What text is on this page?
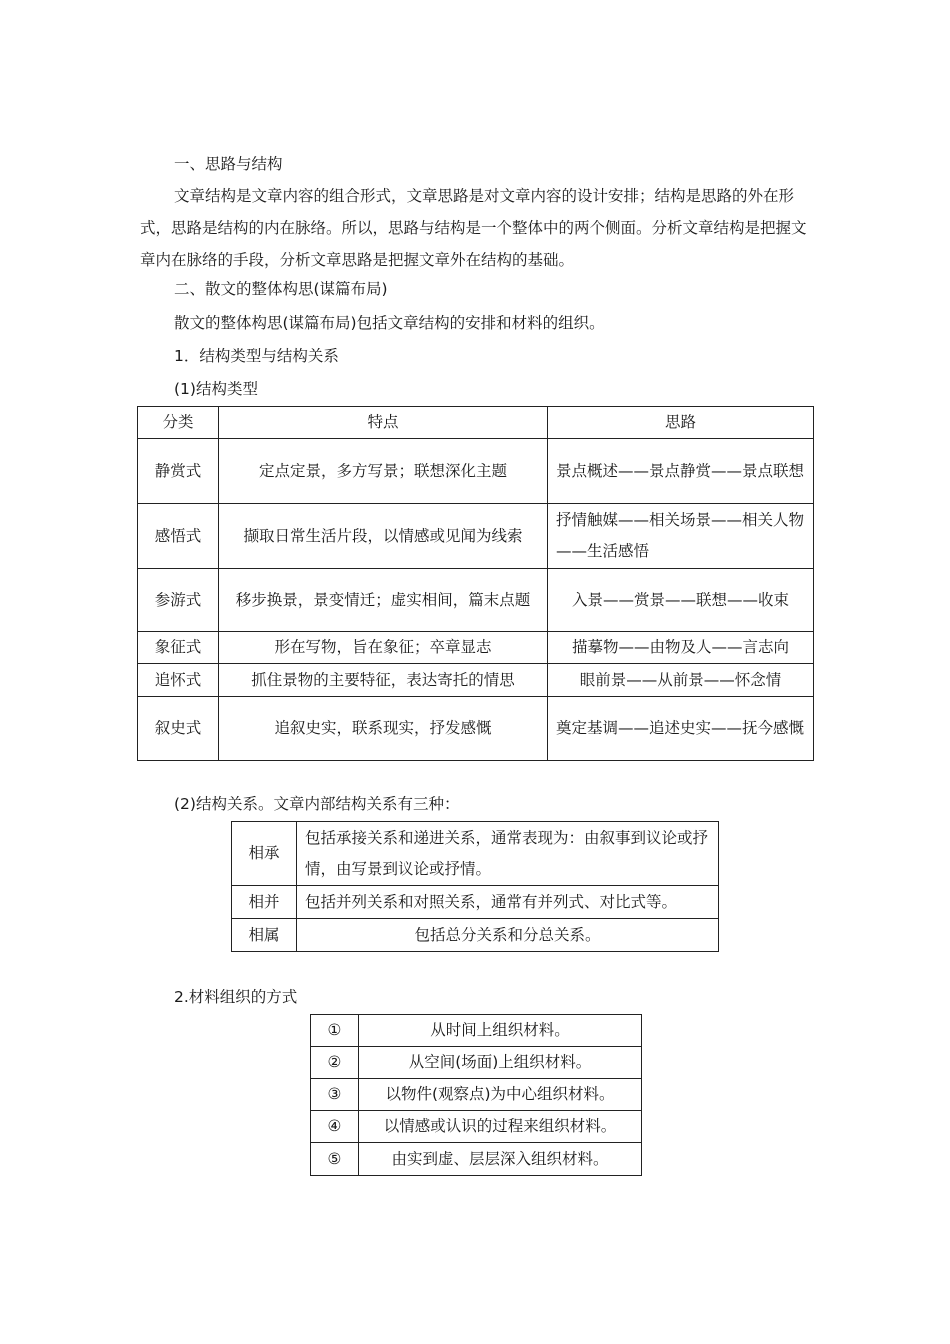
一、思路与结构
文章结构是文章内容的组合形式，文章思路是对文章内容的设计安排；结构是思路的外在形式，思路是结构的内在脉络。所以，思路与结构是一个整体中的两个侧面。分析文章结构是把握文章内在脉络的手段，分析文章思路是把握文章外在结构的基础。
二、散文的整体构思(谋篇布局)
散文的整体构思(谋篇布局)包括文章结构的安排和材料的组织。
1．结构类型与结构关系
(1)结构类型
分类	特点	思路
静赏式	定点定景，多方写景；联想深化主题	景点概述——景点静赏——景点联想
感悟式	撷取日常生活片段，以情感或见闻为线索	抒情触媒——相关场景——相关人物——生活感悟
参游式	移步换景，景变情迁；虚实相间，篇末点题	入景——赏景——联想——收束
象征式	形在写物，旨在象征；卒章显志	描摹物——由物及人——言志向
追怀式	抓住景物的主要特征，表达寄托的情思	眼前景——从前景——怀念情
叙史式	追叙史实，联系现实，抒发感慨	奠定基调——追述史实——抚今感慨
(2)结构关系。文章内部结构关系有三种：
相承	包括承接关系和递进关系，通常表现为：由叙事到议论或抒情，由写景到议论或抒情。
相并	包括并列关系和对照关系，通常有并列式、对比式等。
相属	包括总分关系和分总关系。
2.材料组织的方式
①	从时间上组织材料。
②	从空间(场面)上组织材料。
③	以物件(观察点)为中心组织材料。
④	以情感或认识的过程来组织材料。
⑤	由实到虚、层层深入组织材料。
